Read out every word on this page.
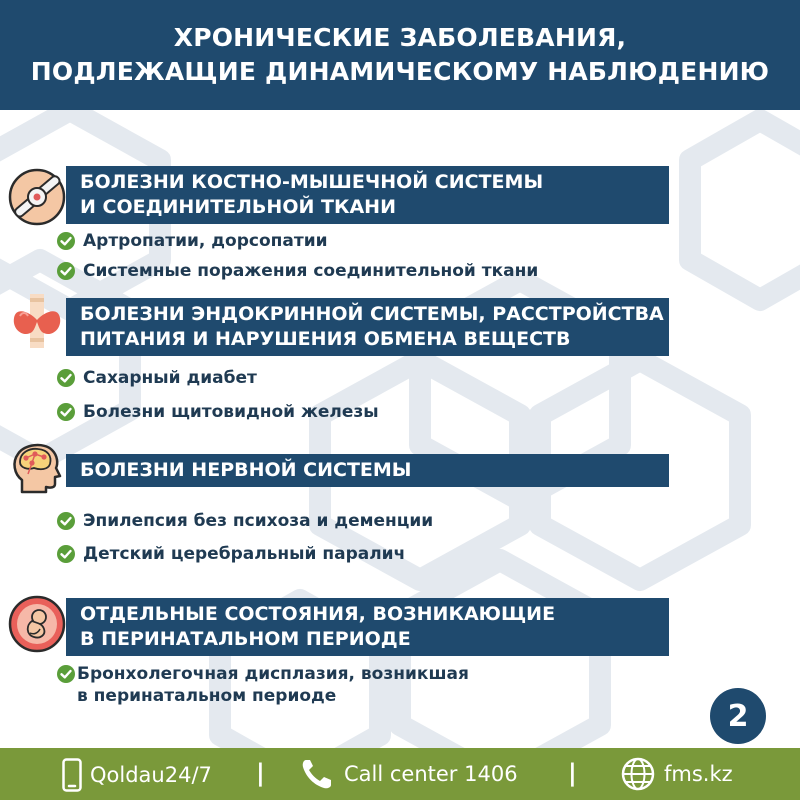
ХРОНИЧЕСКИЕ ЗАБОЛЕВАНИЯ,
ПОДЛЕЖАЩИЕ ДИНАМИЧЕСКОМУ НАБЛЮДЕНИЮ
БОЛЕЗНИ КОСТНО-МЫШЕЧНОЙ СИСТЕМЫ
И СОЕДИНИТЕЛЬНОЙ ТКАНИ
Артропатии, дорсопатии
Системные поражения соединительной ткани
БОЛЕЗНИ ЭНДОКРИННОЙ СИСТЕМЫ, РАССТРОЙСТВА
ПИТАНИЯ И НАРУШЕНИЯ ОБМЕНА ВЕЩЕСТВ
Сахарный диабет
Болезни щитовидной железы
БОЛЕЗНИ НЕРВНОЙ СИСТЕМЫ
Эпилепсия без психоза и деменции
Детский церебральный паралич
ОТДЕЛЬНЫЕ СОСТОЯНИЯ, ВОЗНИКАЮЩИЕ
В ПЕРИНАТАЛЬНОМ ПЕРИОДЕ
Бронхолегочная дисплазия, возникшая
в перинатальном периоде
2
Qoldau24/7 |	Call center 1406 |	fms.kz
